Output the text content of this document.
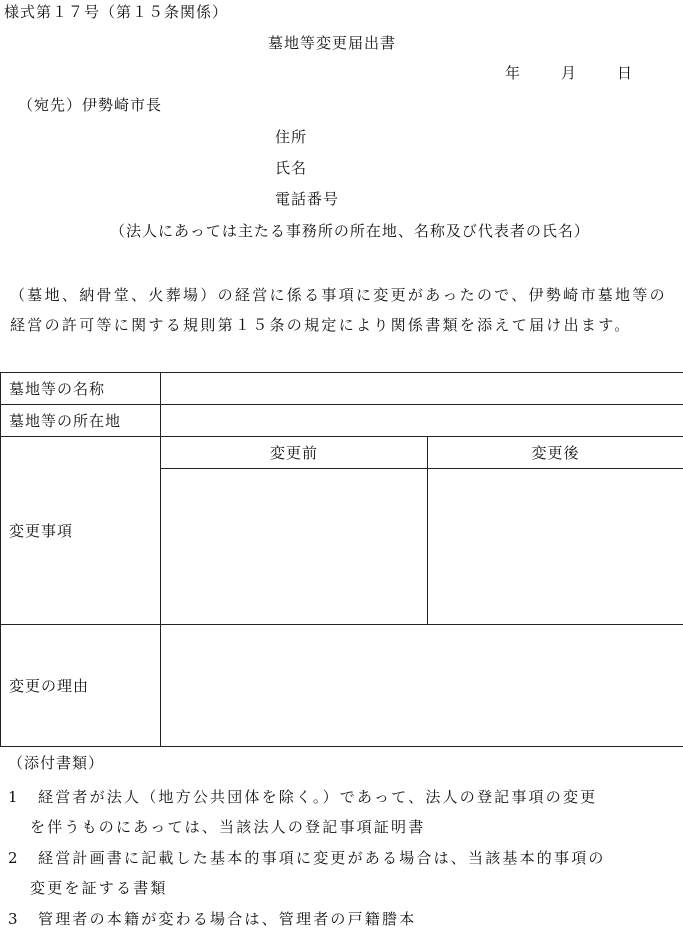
様式第１７号（第１５条関係）
墓地等変更届出書
年	月	日
（宛先）伊勢崎市長
住所
氏名
電話番号
（法人にあっては主たる事務所の所在地、名称及び代表者の氏名）
（墓地、納骨堂、火葬場）の経営に係る事項に変更があったので、伊勢崎市墓地等の経営の許可等に関する規則第１５条の規定により関係書類を添えて届け出ます。
墓地等の名称		
墓地等の所在地		
変更事項	変更前	変更後

変更の理由		
（添付書類）
1 経営者が法人（地方公共団体を除く。）であって、法人の登記事項の変更
を伴うものにあっては、当該法人の登記事項証明書
2 経営計画書に記載した基本的事項に変更がある場合は、当該基本的事項の
変更を証する書類
3 管理者の本籍が変わる場合は、管理者の戸籍謄本
